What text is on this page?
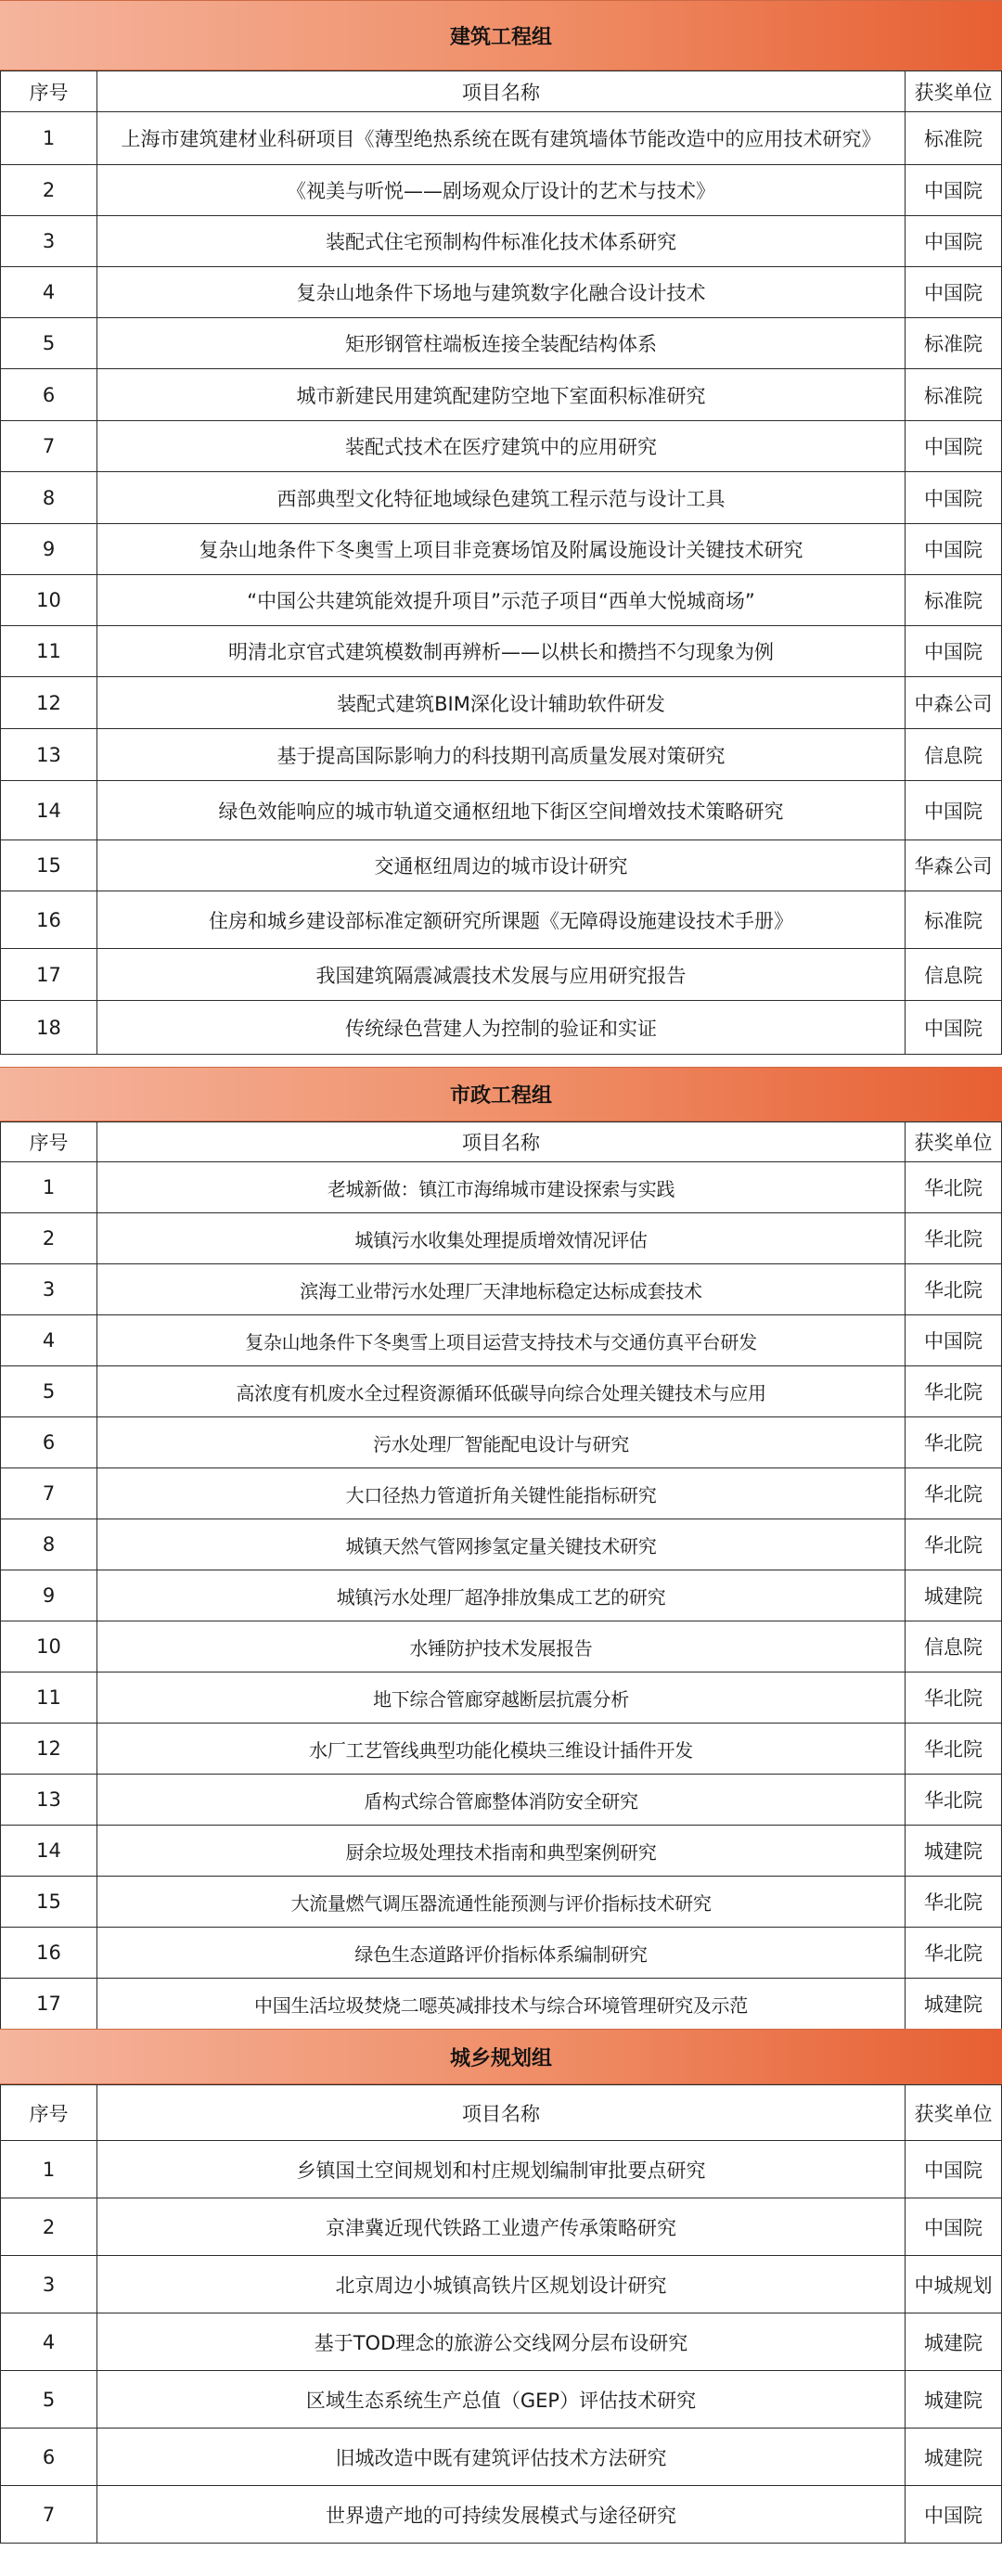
建筑工程组
序号	项目名称	获奖单位
1	上海市建筑建材业科研项目《薄型绝热系统在既有建筑墙体节能改造中的应用技术研究》	标准院
2	《视美与听悦——剧场观众厅设计的艺术与技术》	中国院
3	装配式住宅预制构件标准化技术体系研究	中国院
4	复杂山地条件下场地与建筑数字化融合设计技术	中国院
5	矩形钢管柱端板连接全装配结构体系	标准院
6	城市新建民用建筑配建防空地下室面积标准研究	标准院
7	装配式技术在医疗建筑中的应用研究	中国院
8	西部典型文化特征地域绿色建筑工程示范与设计工具	中国院
9	复杂山地条件下冬奥雪上项目非竞赛场馆及附属设施设计关键技术研究	中国院
10	“中国公共建筑能效提升项目”示范子项目“西单大悦城商场”	标准院
11	明清北京官式建筑模数制再辨析——以栱长和攒挡不匀现象为例	中国院
12	装配式建筑BIM深化设计辅助软件研发	中森公司
13	基于提高国际影响力的科技期刊高质量发展对策研究	信息院
14	绿色效能响应的城市轨道交通枢纽地下街区空间增效技术策略研究	中国院
15	交通枢纽周边的城市设计研究	华森公司
16	住房和城乡建设部标准定额研究所课题《无障碍设施建设技术手册》	标准院
17	我国建筑隔震减震技术发展与应用研究报告	信息院
18	传统绿色营建人为控制的验证和实证	中国院
市政工程组
序号	项目名称	获奖单位
1	老城新做：镇江市海绵城市建设探索与实践	华北院
2	城镇污水收集处理提质增效情况评估	华北院
3	滨海工业带污水处理厂天津地标稳定达标成套技术	华北院
4	复杂山地条件下冬奥雪上项目运营支持技术与交通仿真平台研发	中国院
5	高浓度有机废水全过程资源循环低碳导向综合处理关键技术与应用	华北院
6	污水处理厂智能配电设计与研究	华北院
7	大口径热力管道折角关键性能指标研究	华北院
8	城镇天然气管网掺氢定量关键技术研究	华北院
9	城镇污水处理厂超净排放集成工艺的研究	城建院
10	水锤防护技术发展报告	信息院
11	地下综合管廊穿越断层抗震分析	华北院
12	水厂工艺管线典型功能化模块三维设计插件开发	华北院
13	盾构式综合管廊整体消防安全研究	华北院
14	厨余垃圾处理技术指南和典型案例研究	城建院
15	大流量燃气调压器流通性能预测与评价指标技术研究	华北院
16	绿色生态道路评价指标体系编制研究	华北院
17	中国生活垃圾焚烧二噁英减排技术与综合环境管理研究及示范	城建院
城乡规划组
序号	项目名称	获奖单位
1	乡镇国土空间规划和村庄规划编制审批要点研究	中国院
2	京津冀近现代铁路工业遗产传承策略研究	中国院
3	北京周边小城镇高铁片区规划设计研究	中城规划
4	基于TOD理念的旅游公交线网分层布设研究	城建院
5	区域生态系统生产总值（GEP）评估技术研究	城建院
6	旧城改造中既有建筑评估技术方法研究	城建院
7	世界遗产地的可持续发展模式与途径研究	中国院
